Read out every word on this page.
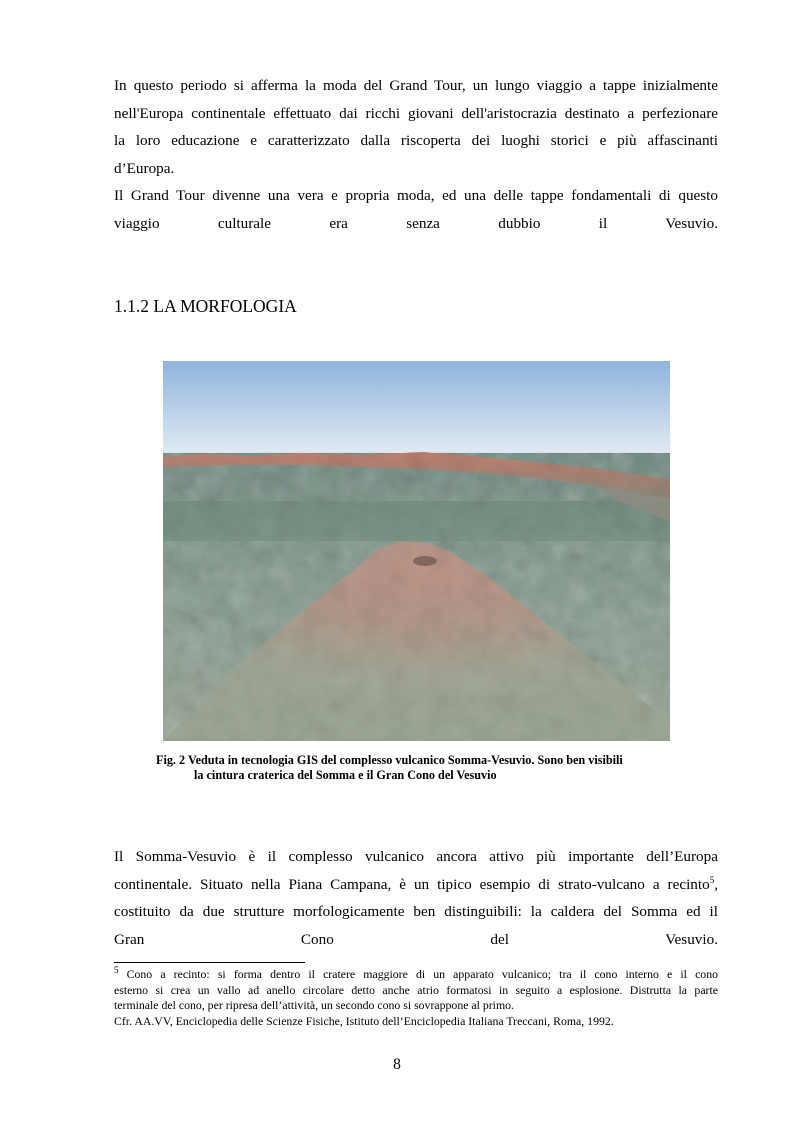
In questo periodo si afferma la moda del Grand Tour, un lungo viaggio a tappe inizialmente
nell'Europa continentale effettuato dai ricchi giovani dell'aristocrazia destinato a perfezionare
la loro educazione e caratterizzato dalla riscoperta dei luoghi storici e più affascinanti
d’Europa.
Il Grand Tour divenne una vera e propria moda, ed una delle tappe fondamentali di questo
viaggio culturale era senza dubbio il Vesuvio.
1.1.2 LA MORFOLOGIA
Fig. 2 Veduta in tecnologia GIS del complesso vulcanico Somma-Vesuvio. Sono ben visibili
la cintura craterica del Somma e il Gran Cono del Vesuvio
Il Somma-Vesuvio è il complesso vulcanico ancora attivo più importante dell’Europa
continentale. Situato nella Piana Campana, è un tipico esempio di strato-vulcano a recinto$^5$,
costituito da due strutture morfologicamente ben distinguibili: la caldera del Somma ed il
Gran Cono del Vesuvio.
$^5$ Cono a recinto: si forma dentro il cratere maggiore di un apparato vulcanico; tra il cono interno e il cono
esterno si crea un vallo ad anello circolare detto anche atrio formatosi in seguito a esplosione. Distrutta la parte
terminale del cono, per ripresa dell’attività, un secondo cono si sovrappone al primo.
Cfr. AA.VV, Enciclopedia delle Scienze Fisiche, Istituto dell’Enciclopedia Italiana Treccani, Roma, 1992.
8
